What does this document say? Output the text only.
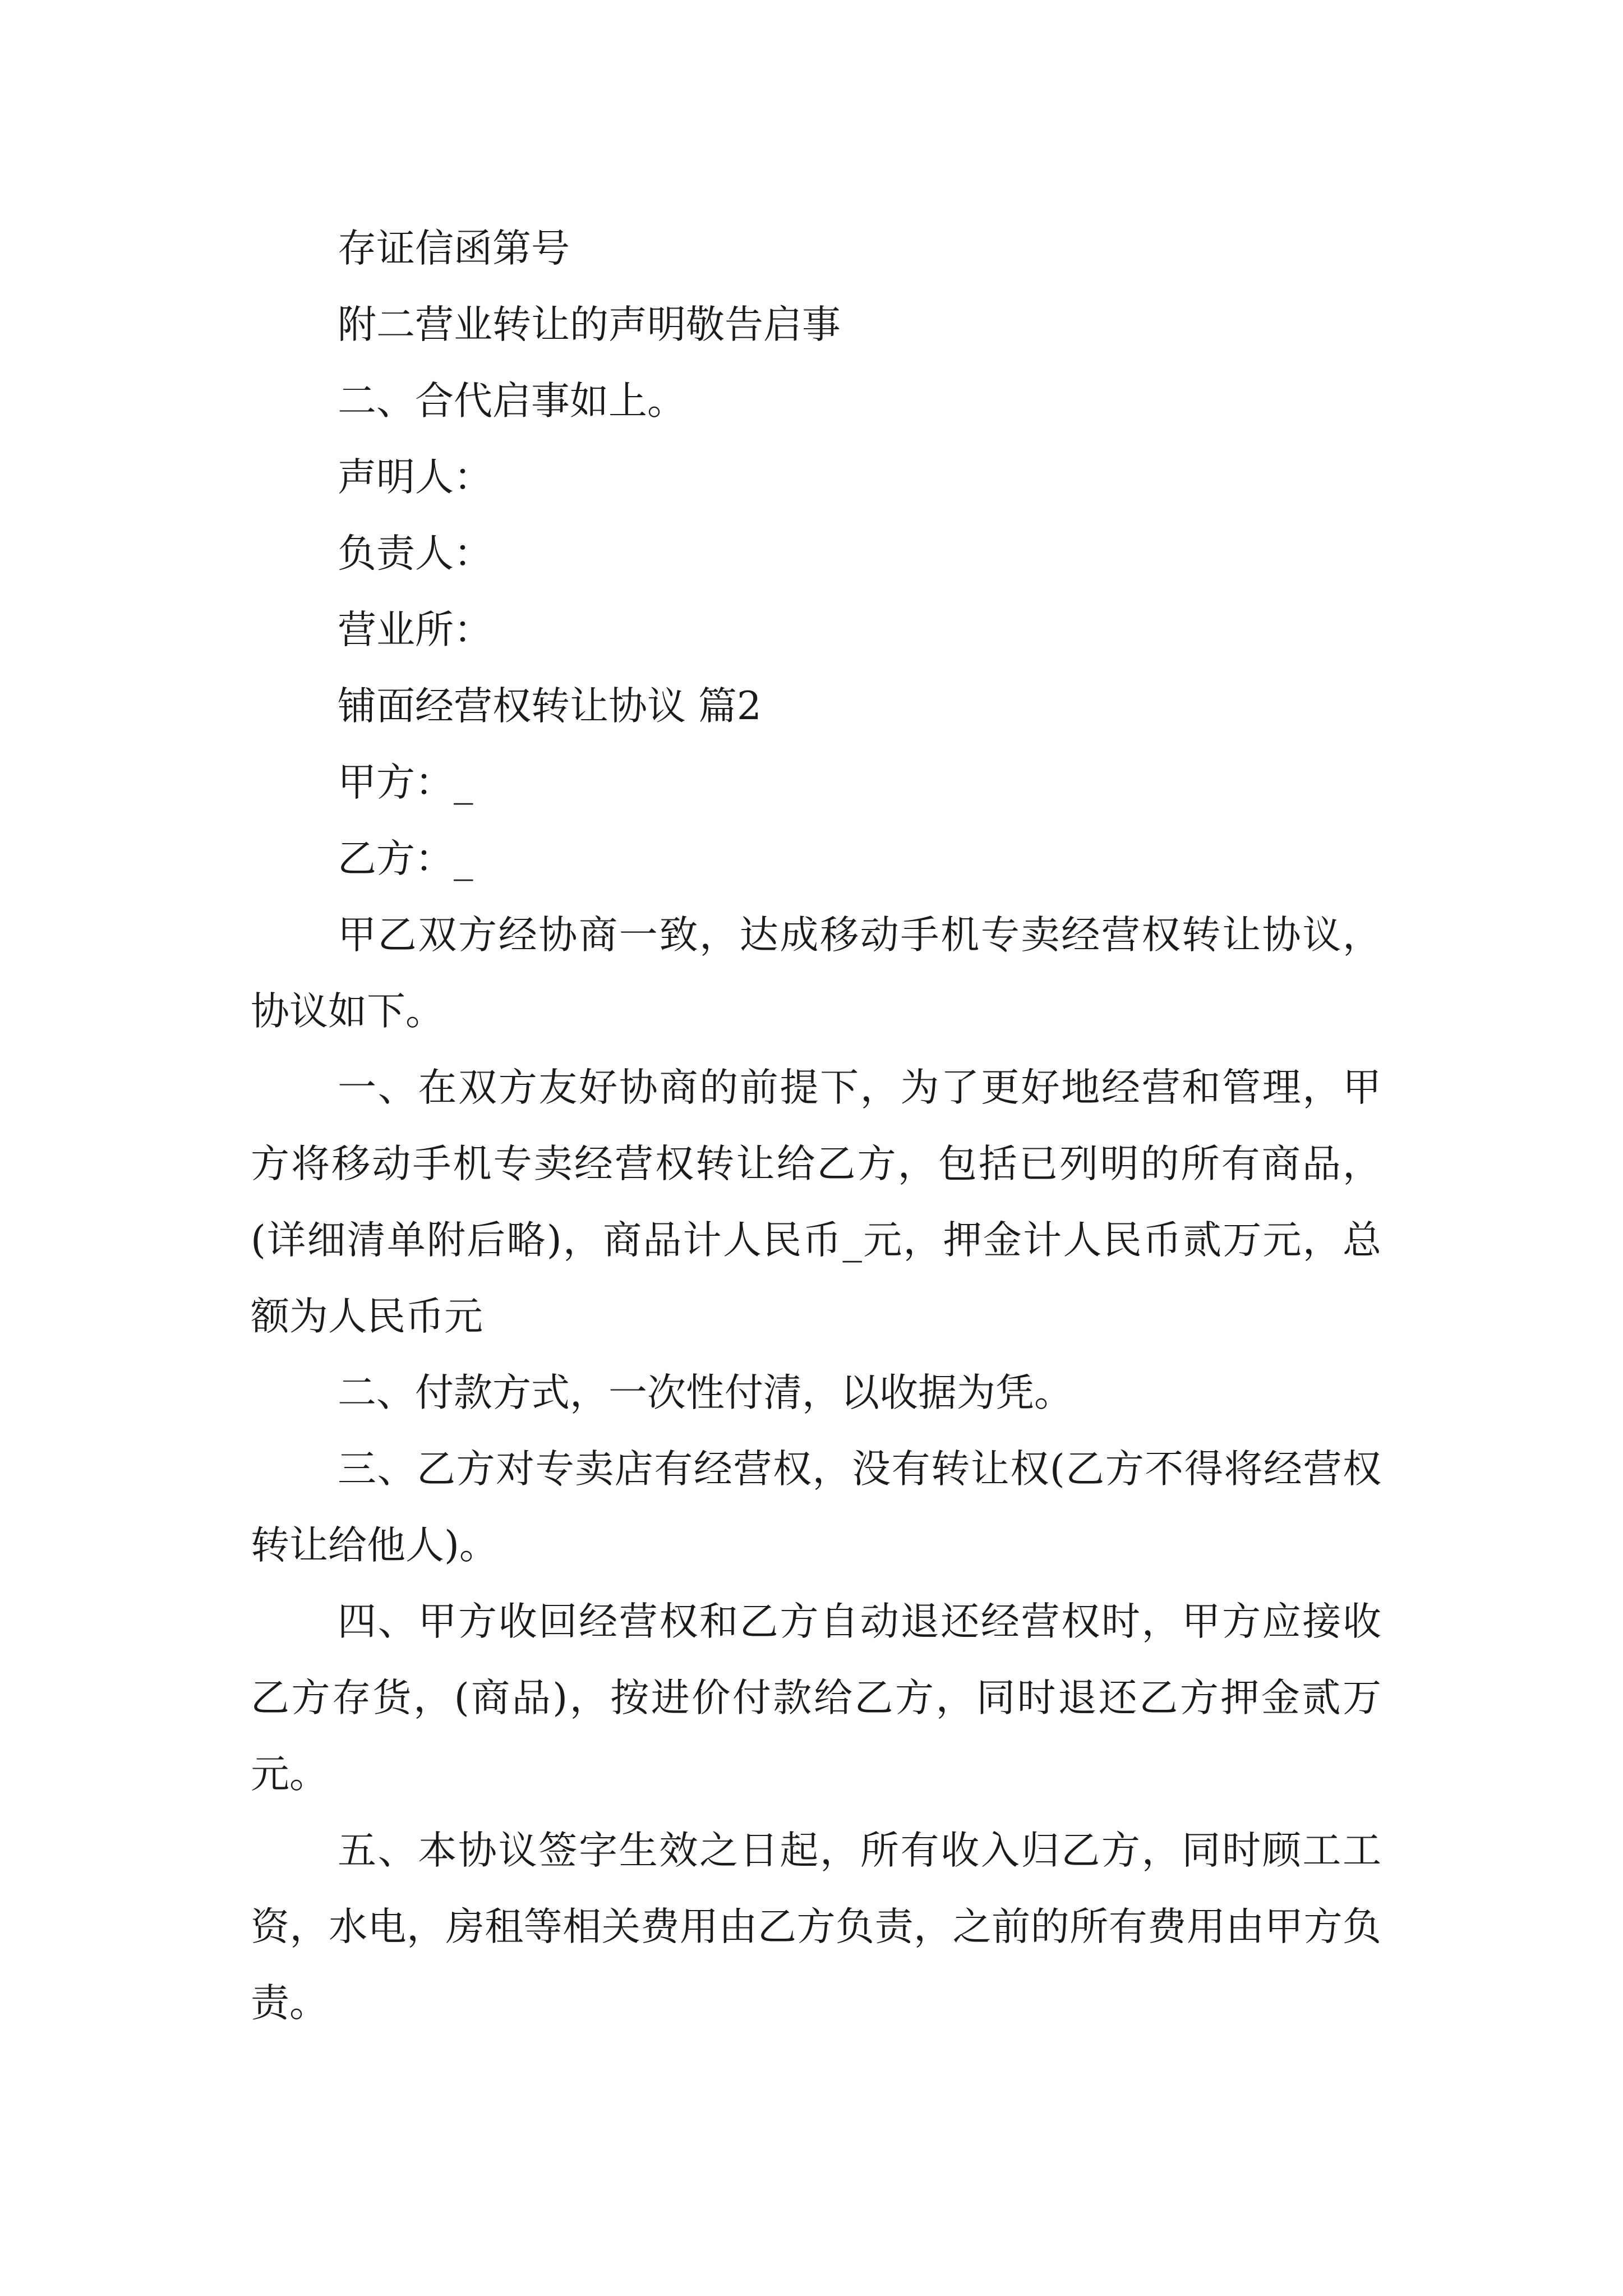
存证信函第号
附二营业转让的声明敬告启事
二、合代启事如上。
声明人：
负责人：
营业所：
铺面经营权转让协议 篇2
甲方：_
乙方：_

甲乙双方经协商一致，达成移动手机专卖经营权转让协议，协议如下。

一、在双方友好协商的前提下，为了更好地经营和管理，甲方将移动手机专卖经营权转让给乙方，包括已列明的所有商品，(详细清单附后略)，商品计人民币_元，押金计人民币贰万元，总额为人民币元

二、付款方式，一次性付清，以收据为凭。

三、乙方对专卖店有经营权，没有转让权(乙方不得将经营权转让给他人)。

四、甲方收回经营权和乙方自动退还经营权时，甲方应接收乙方存货，(商品)，按进价付款给乙方，同时退还乙方押金贰万元。

五、本协议签字生效之日起，所有收入归乙方，同时顾工工资，水电，房租等相关费用由乙方负责，之前的所有费用由甲方负责。
